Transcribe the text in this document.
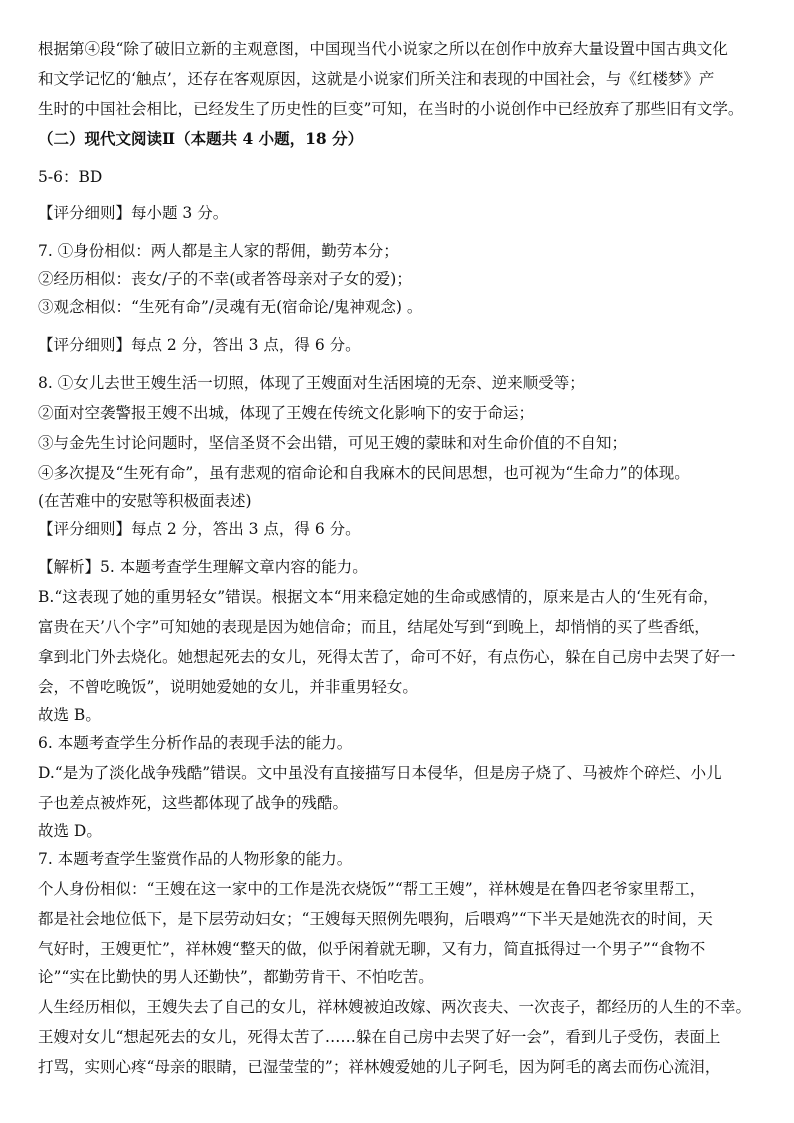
根据第④段“除了破旧立新的主观意图，中国现当代小说家之所以在创作中放弃大量设置中国古典文化
和文学记忆的‘触点’，还存在客观原因，这就是小说家们所关注和表现的中国社会，与《红楼梦》产
生时的中国社会相比，已经发生了历史性的巨变”可知，在当时的小说创作中已经放弃了那些旧有文学。
（二）现代文阅读Ⅱ（本题共 4 小题，18 分）
5-6：BD
【评分细则】每小题 3 分。
7. ①身份相似：两人都是主人家的帮佣，勤劳本分；
②经历相似：丧女/子的不幸(或者答母亲对子女的爱)；
③观念相似：“生死有命”/灵魂有无(宿命论/鬼神观念) 。
【评分细则】每点 2 分，答出 3 点，得 6 分。
8. ①女儿去世王嫂生活一切照，体现了王嫂面对生活困境的无奈、逆来顺受等；
②面对空袭警报王嫂不出城，体现了王嫂在传统文化影响下的安于命运；
③与金先生讨论问题时，坚信圣贤不会出错，可见王嫂的蒙昧和对生命价值的不自知；
④多次提及“生死有命”，虽有悲观的宿命论和自我麻木的民间思想，也可视为“生命力”的体现。
(在苦难中的安慰等积极面表述)
【评分细则】每点 2 分，答出 3 点，得 6 分。
【解析】5. 本题考查学生理解文章内容的能力。
B.“这表现了她的重男轻女”错误。根据文本“用来稳定她的生命或感情的，原来是古人的‘生死有命，
富贵在天’八个字”可知她的表现是因为她信命；而且，结尾处写到“到晚上，却悄悄的买了些香纸，
拿到北门外去烧化。她想起死去的女儿，死得太苦了，命可不好，有点伤心，躲在自己房中去哭了好一
会，不曾吃晚饭”，说明她爱她的女儿，并非重男轻女。
故选 B。
6. 本题考查学生分析作品的表现手法的能力。
D.“是为了淡化战争残酷”错误。文中虽没有直接描写日本侵华，但是房子烧了、马被炸个碎烂、小儿
子也差点被炸死，这些都体现了战争的残酷。
故选 D。
7. 本题考查学生鉴赏作品的人物形象的能力。
个人身份相似：“王嫂在这一家中的工作是洗衣烧饭”“帮工王嫂”，祥林嫂是在鲁四老爷家里帮工，
都是社会地位低下，是下层劳动妇女；“王嫂每天照例先喂狗，后喂鸡”“下半天是她洗衣的时间，天
气好时，王嫂更忙”，祥林嫂“整天的做，似乎闲着就无聊，又有力，简直抵得过一个男子”“食物不
论”“实在比勤快的男人还勤快”，都勤劳肯干、不怕吃苦。
人生经历相似，王嫂失去了自己的女儿，祥林嫂被迫改嫁、两次丧夫、一次丧子，都经历的人生的不幸。
王嫂对女儿“想起死去的女儿，死得太苦了……躲在自己房中去哭了好一会”，看到儿子受伤，表面上
打骂，实则心疼“母亲的眼睛，已湿莹莹的”；祥林嫂爱她的儿子阿毛，因为阿毛的离去而伤心流泪，
